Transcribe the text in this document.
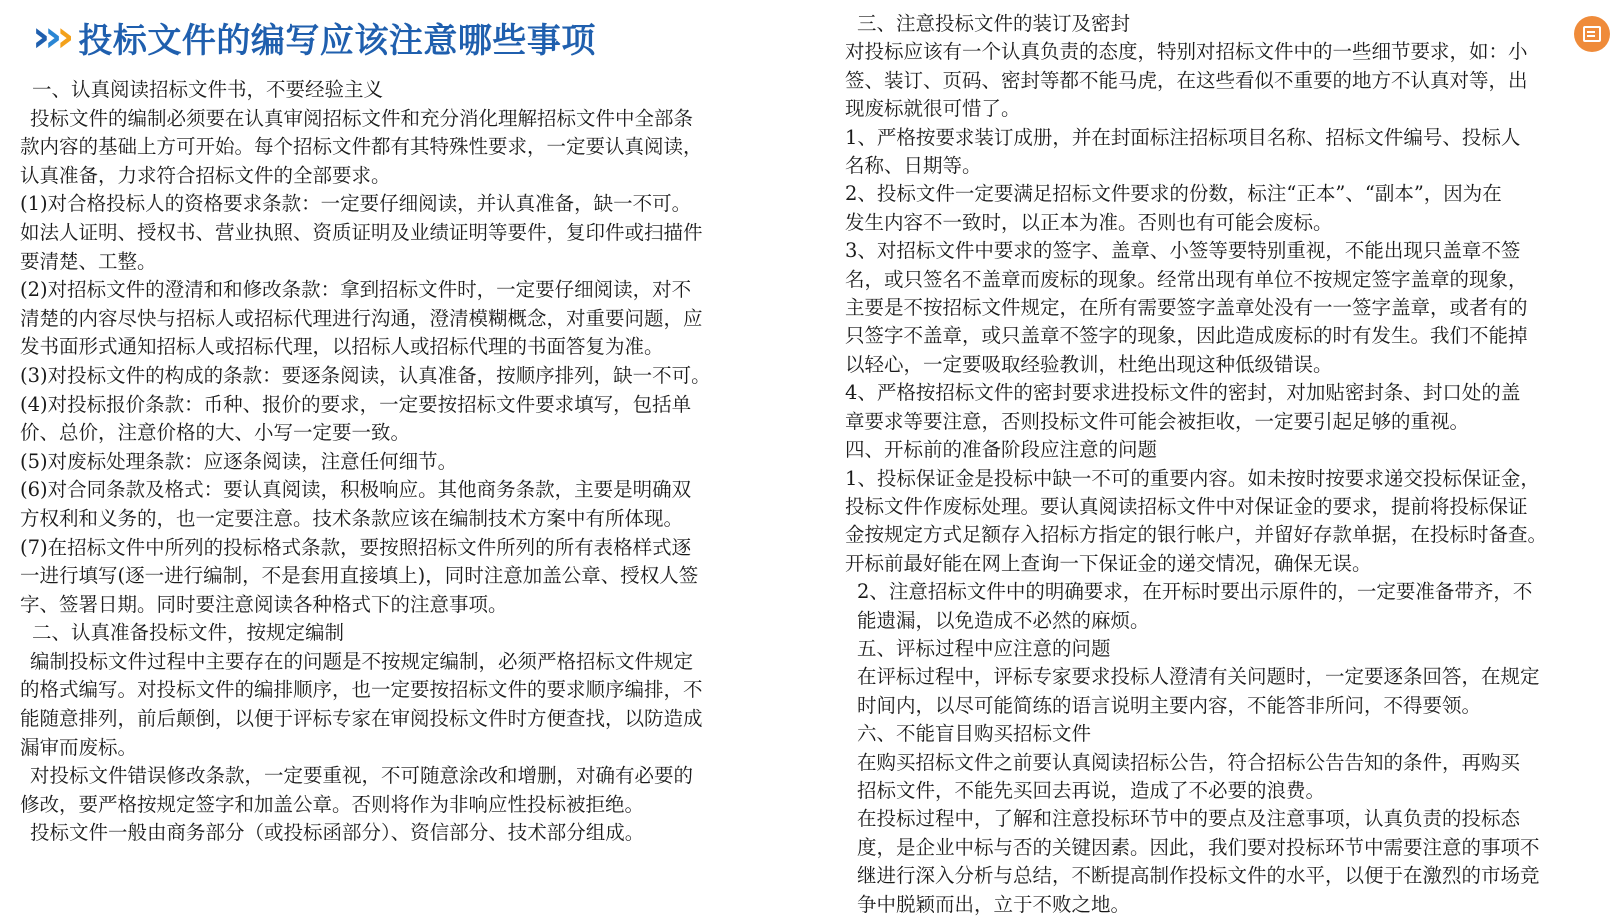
› › › 投标文件的编写应该注意哪些事项
一、认真阅读招标文件书，不要经验主义
投标文件的编制必须要在认真审阅招标文件和充分消化理解招标文件中全部条
款内容的基础上方可开始。每个招标文件都有其特殊性要求，一定要认真阅读，
认真准备，力求符合招标文件的全部要求。
(1)对合格投标人的资格要求条款：一定要仔细阅读，并认真准备，缺一不可。
如法人证明、授权书、营业执照、资质证明及业绩证明等要件，复印件或扫描件
要清楚、工整。
(2)对招标文件的澄清和和修改条款：拿到招标文件时，一定要仔细阅读，对不
清楚的内容尽快与招标人或招标代理进行沟通，澄清模糊概念，对重要问题，应
发书面形式通知招标人或招标代理，以招标人或招标代理的书面答复为准。
(3)对投标文件的构成的条款：要逐条阅读，认真准备，按顺序排列，缺一不可。
(4)对投标报价条款：币种、报价的要求，一定要按招标文件要求填写，包括单
价、总价，注意价格的大、小写一定要一致。
(5)对废标处理条款：应逐条阅读，注意任何细节。
(6)对合同条款及格式：要认真阅读，积极响应。其他商务条款，主要是明确双
方权利和义务的，也一定要注意。技术条款应该在编制技术方案中有所体现。
(7)在招标文件中所列的投标格式条款，要按照招标文件所列的所有表格样式逐
一进行填写(逐一进行编制，不是套用直接填上)，同时注意加盖公章、授权人签
字、签署日期。同时要注意阅读各种格式下的注意事项。
二、认真准备投标文件，按规定编制
编制投标文件过程中主要存在的问题是不按规定编制，必须严格招标文件规定
的格式编写。对投标文件的编排顺序，也一定要按招标文件的要求顺序编排，不
能随意排列，前后颠倒，以便于评标专家在审阅投标文件时方便查找，以防造成
漏审而废标。
对投标文件错误修改条款，一定要重视，不可随意涂改和增删，对确有必要的
修改，要严格按规定签字和加盖公章。否则将作为非响应性投标被拒绝。
投标文件一般由商务部分（或投标函部分）、资信部分、技术部分组成。
三、注意投标文件的装订及密封
对投标应该有一个认真负责的态度，特别对招标文件中的一些细节要求，如：小
签、装订、页码、密封等都不能马虎，在这些看似不重要的地方不认真对等，出
现废标就很可惜了。
1、严格按要求装订成册，并在封面标注招标项目名称、招标文件编号、投标人
名称、日期等。
2、投标文件一定要满足招标文件要求的份数，标注“正本”、“副本”，因为在
发生内容不一致时，以正本为准。否则也有可能会废标。
3、对招标文件中要求的签字、盖章、小签等要特别重视，不能出现只盖章不签
名，或只签名不盖章而废标的现象。经常出现有单位不按规定签字盖章的现象，
主要是不按招标文件规定，在所有需要签字盖章处没有一一签字盖章，或者有的
只签字不盖章，或只盖章不签字的现象，因此造成废标的时有发生。我们不能掉
以轻心，一定要吸取经验教训，杜绝出现这种低级错误。
4、严格按招标文件的密封要求进投标文件的密封，对加贴密封条、封口处的盖
章要求等要注意，否则投标文件可能会被拒收，一定要引起足够的重视。
四、开标前的准备阶段应注意的问题
1、投标保证金是投标中缺一不可的重要内容。如未按时按要求递交投标保证金，
投标文件作废标处理。要认真阅读招标文件中对保证金的要求，提前将投标保证
金按规定方式足额存入招标方指定的银行帐户，并留好存款单据，在投标时备查。
开标前最好能在网上查询一下保证金的递交情况，确保无误。
2、注意招标文件中的明确要求，在开标时要出示原件的，一定要准备带齐，不
能遗漏，以免造成不必然的麻烦。
五、评标过程中应注意的问题
在评标过程中，评标专家要求投标人澄清有关问题时，一定要逐条回答，在规定
时间内，以尽可能简练的语言说明主要内容，不能答非所问，不得要领。
六、不能盲目购买招标文件
在购买招标文件之前要认真阅读招标公告，符合招标公告告知的条件，再购买
招标文件，不能先买回去再说，造成了不必要的浪费。
在投标过程中，了解和注意投标环节中的要点及注意事项，认真负责的投标态
度，是企业中标与否的关键因素。因此，我们要对投标环节中需要注意的事项不
继进行深入分析与总结，不断提高制作投标文件的水平，以便于在激烈的市场竞
争中脱颖而出，立于不败之地。
